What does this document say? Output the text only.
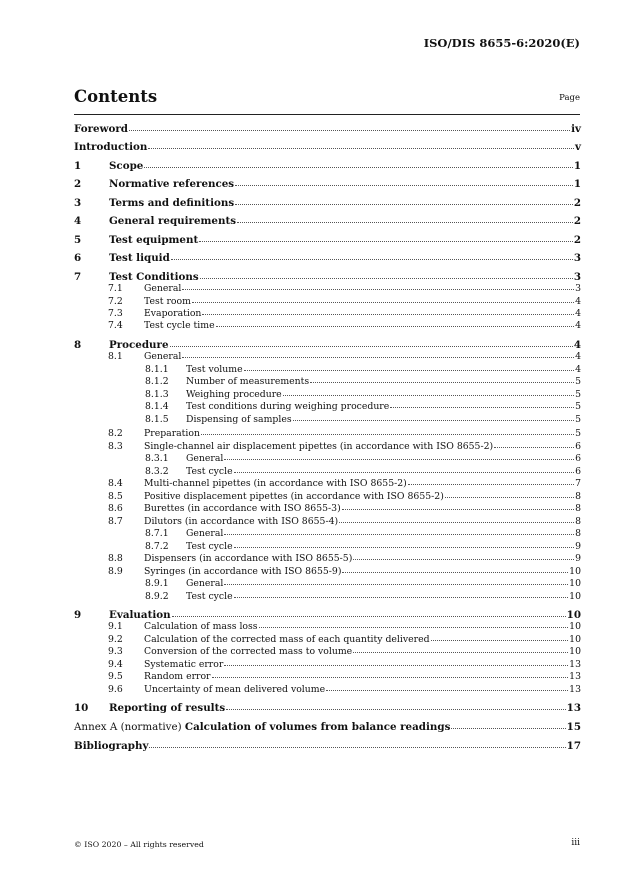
ISO/DIS 8655-6:2020(E)
Contents	Page
Foreword	iv
Introduction	v
1	Scope	1
2	Normative references	1
3	Terms and definitions	2
4	General requirements	2
5	Test equipment	2
6	Test liquid	3
7	Test Conditions	3
7.1	General	3
7.2	Test room	4
7.3	Evaporation	4
7.4	Test cycle time	4
8	Procedure	4
8.1	General	4
8.1.1	Test volume	4
8.1.2	Number of measurements	5
8.1.3	Weighing procedure	5
8.1.4	Test conditions during weighing procedure	5
8.1.5	Dispensing of samples	5
8.2	Preparation	5
8.3	Single-channel air displacement pipettes (in accordance with ISO 8655-2)	6
8.3.1	General	6
8.3.2	Test cycle	6
8.4	Multi-channel pipettes (in accordance with ISO 8655-2)	7
8.5	Positive displacement pipettes (in accordance with ISO 8655-2)	8
8.6	Burettes (in accordance with ISO 8655-3)	8
8.7	Dilutors (in accordance with ISO 8655-4)	8
8.7.1	General	8
8.7.2	Test cycle	9
8.8	Dispensers (in accordance with ISO 8655-5)	9
8.9	Syringes (in accordance with ISO 8655-9)	10
8.9.1	General	10
8.9.2	Test cycle	10
9	Evaluation	10
9.1	Calculation of mass loss	10
9.2	Calculation of the corrected mass of each quantity delivered	10
9.3	Conversion of the corrected mass to volume	10
9.4	Systematic error	13
9.5	Random error	13
9.6	Uncertainty of mean delivered volume	13
10	Reporting of results	13
Annex A (normative) Calculation of volumes from balance readings	15
Bibliography	17
© ISO 2020 – All rights reserved	iii
